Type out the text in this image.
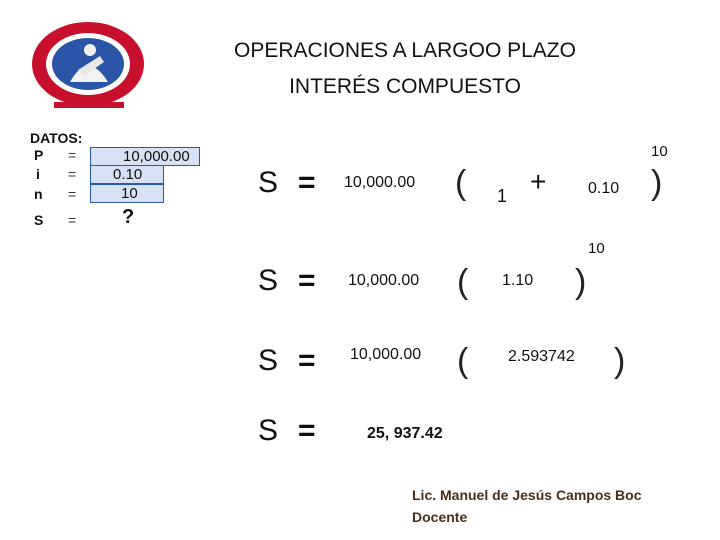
OPERACIONES A LARGOO PLAZO
INTERÉS COMPUESTO
DATOS:
P =	10,000.00
i =	0.10
n =	10
S = ?
S = 10,000.00 ( 1 +	0.10 )
10
S = 10,000.00 ( 1.10 )
10
S = 10,000.00 ( 2.593742 )
S =	25, 937.42
Lic. Manuel de Jesús Campos Boc
Docente
